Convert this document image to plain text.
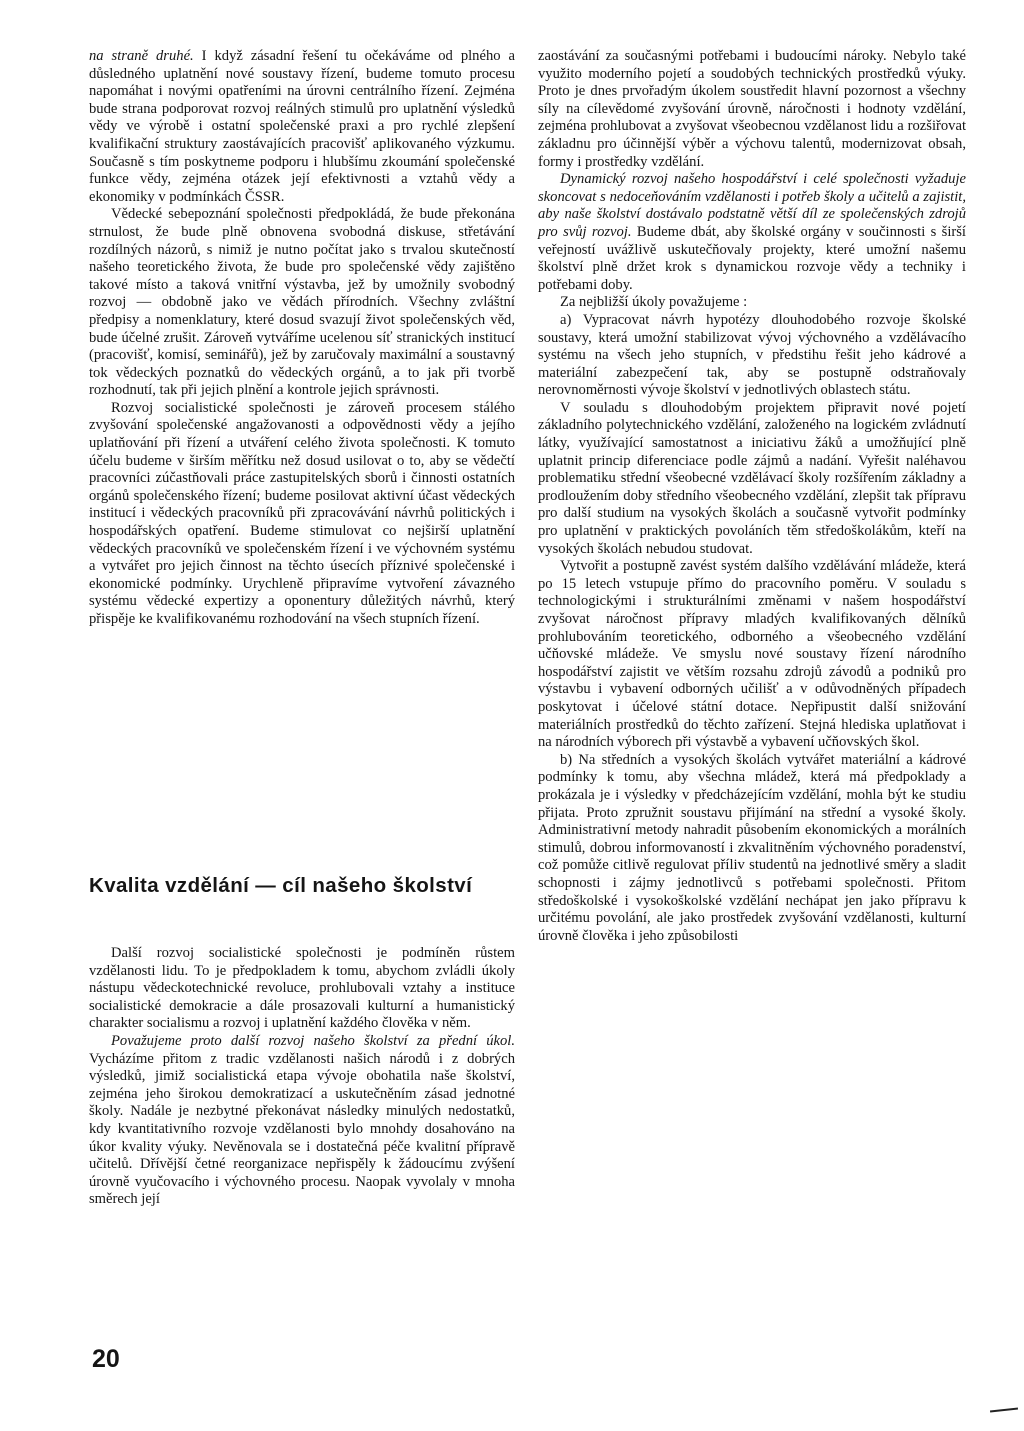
na straně druhé. I když zásadní řešení tu očekáváme od plného a důsledného uplatnění nové soustavy řízení, budeme tomuto procesu napomáhat i novými opatřeními na úrovni centrálního řízení. Zejména bude strana podporovat rozvoj reálných stimulů pro uplatnění výsledků vědy ve výrobě i ostatní společenské praxi a pro rychlé zlepšení kvalifikační struktury zaostávajících pracovišť aplikovaného výzkumu. Současně s tím poskytneme podporu i hlubšímu zkoumání společenské funkce vědy, zejména otázek její efektivnosti a vztahů vědy a ekonomiky v podmínkách ČSSR.

Vědecké sebepoznání společnosti předpokládá, že bude překonána strnulost, že bude plně obnovena svobodná diskuse, střetávání rozdílných názorů, s nimiž je nutno počítat jako s trvalou skutečností našeho teoretického života, že bude pro společenské vědy zajištěno takové místo a taková vnitřní výstavba, jež by umožnily svobodný rozvoj — obdobně jako ve vědách přírodních. Všechny zvláštní předpisy a nomenklatury, které dosud svazují život společenských věd, bude účelné zrušit. Zároveň vytváříme ucelenou síť stranických institucí (pracovišť, komisí, seminářů), jež by zaručovaly maximální a soustavný tok vědeckých poznatků do vědeckých orgánů, a to jak při tvorbě rozhodnutí, tak při jejich plnění a kontrole jejich správnosti.

Rozvoj socialistické společnosti je zároveň procesem stálého zvyšování společenské angažovanosti a odpovědnosti vědy a jejího uplatňování při řízení a utváření celého života společnosti. K tomuto účelu budeme v širším měřítku než dosud usilovat o to, aby se vědečtí pracovníci zúčastňovali práce zastupitelských sborů i činnosti ostatních orgánů společenského řízení; budeme posilovat aktivní účast vědeckých institucí i vědeckých pracovníků při zpracovávání návrhů politických i hospodářských opatření. Budeme stimulovat co nejširší uplatnění vědeckých pracovníků ve společenském řízení i ve výchovném systému a vytvářet pro jejich činnost na těchto úsecích příznivé společenské i ekonomické podmínky. Urychleně připravíme vytvoření závazného systému vědecké expertizy a oponentury důležitých návrhů, který přispěje ke kvalifikovanému rozhodování na všech stupních řízení.

Kvalita vzdělání — cíl našeho školství

Další rozvoj socialistické společnosti je podmíněn růstem vzdělanosti lidu. To je předpokladem k tomu, abychom zvládli úkoly nástupu vědeckotechnické revoluce, prohlubovali vztahy a instituce socialistické demokracie a dále prosazovali kulturní a humanistický charakter socialismu a rozvoj i uplatnění každého člověka v něm.

Považujeme proto další rozvoj našeho školství za přední úkol. Vycházíme přitom z tradic vzdělanosti našich národů i z dobrých výsledků, jimiž socialistická etapa vývoje obohatila naše školství, zejména jeho širokou demokratizací a uskutečněním zásad jednotné školy. Nadále je nezbytné překonávat následky minulých nedostatků, kdy kvantitativního rozvoje vzdělanosti bylo mnohdy dosahováno na úkor kvality výuky. Nevěnovala se i dostatečná péče kvalitní přípravě učitelů. Dřívější četné reorganizace nepřispěly k žádoucímu zvýšení úrovně vyučovacího i výchovného procesu. Naopak vyvolaly v mnoha směrech její

zaostávání za současnými potřebami i budoucími nároky. Nebylo také využito moderního pojetí a soudobých technických prostředků výuky. Proto je dnes prvořadým úkolem soustředit hlavní pozornost a všechny síly na cílevědomé zvyšování úrovně, náročnosti i hodnoty vzdělání, zejména prohlubovat a zvyšovat všeobecnou vzdělanost lidu a rozšiřovat základnu pro účinnější výběr a výchovu talentů, modernizovat obsah, formy i prostředky vzdělání.

Dynamický rozvoj našeho hospodářství i celé společnosti vyžaduje skoncovat s nedoceňováním vzdělanosti i potřeb školy a učitelů a zajistit, aby naše školství dostávalo podstatně větší díl ze společenských zdrojů pro svůj rozvoj. Budeme dbát, aby školské orgány v součinnosti s širší veřejností uvážlivě uskutečňovaly projekty, které umožní našemu školství plně držet krok s dynamickou rozvoje vědy a techniky i potřebami doby.

Za nejbližší úkoly považujeme :

a) Vypracovat návrh hypotézy dlouhodobého rozvoje školské soustavy, která umožní stabilizovat vývoj výchovného a vzdělávacího systému na všech jeho stupních, v předstihu řešit jeho kádrové a materiální zabezpečení tak, aby se postupně odstraňovaly nerovnoměrnosti vývoje školství v jednotlivých oblastech státu.

V souladu s dlouhodobým projektem připravit nové pojetí základního polytechnického vzdělání, založeného na logickém zvládnutí látky, využívající samostatnost a iniciativu žáků a umožňující plně uplatnit princip diferenciace podle zájmů a nadání. Vyřešit naléhavou problematiku střední všeobecné vzdělávací školy rozšířením základny a prodloužením doby středního všeobecného vzdělání, zlepšit tak přípravu pro další studium na vysokých školách a současně vytvořit podmínky pro uplatnění v praktických povoláních těm středoškolákům, kteří na vysokých školách nebudou studovat.

Vytvořit a postupně zavést systém dalšího vzdělávání mládeže, která po 15 letech vstupuje přímo do pracovního poměru. V souladu s technologickými i strukturálními změnami v našem hospodářství zvyšovat náročnost přípravy mladých kvalifikovaných dělníků prohlubováním teoretického, odborného a všeobecného vzdělání učňovské mládeže. Ve smyslu nové soustavy řízení národního hospodářství zajistit ve větším rozsahu zdrojů závodů a podniků pro výstavbu i vybavení odborných učilišť a v odůvodněných případech poskytovat i účelové státní dotace. Nepřipustit další snižování materiálních prostředků do těchto zařízení. Stejná hlediska uplatňovat i na národních výborech při výstavbě a vybavení učňovských škol.

b) Na středních a vysokých školách vytvářet materiální a kádrové podmínky k tomu, aby všechna mládež, která má předpoklady a prokázala je i výsledky v předcházejícím vzdělání, mohla být ke studiu přijata. Proto zpružnit soustavu přijímání na střední a vysoké školy. Administrativní metody nahradit působením ekonomických a morálních stimulů, dobrou informovaností i zkvalitněním výchovného poradenství, což pomůže citlivě regulovat příliv studentů na jednotlivé směry a sladit schopnosti i zájmy jednotlivců s potřebami společnosti. Přitom středoškolské i vysokoškolské vzdělání nechápat jen jako přípravu k určitému povolání, ale jako prostředek zvyšování vzdělanosti, kulturní úrovně člověka i jeho způsobilosti

20
